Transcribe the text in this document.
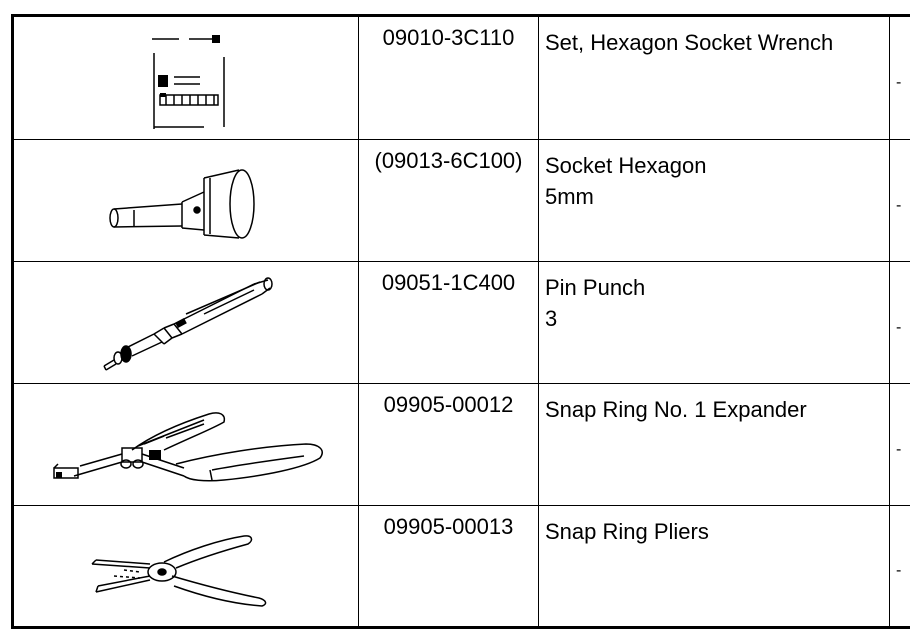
09010-3C110	Set, Hexagon Socket Wrench	-

(09013-6C100)	Socket Hexagon
5mm	-

09051-1C400	Pin Punch
3	-

09905-00012	Snap Ring No. 1 Expander	-

09905-00013	Snap Ring Pliers	-
